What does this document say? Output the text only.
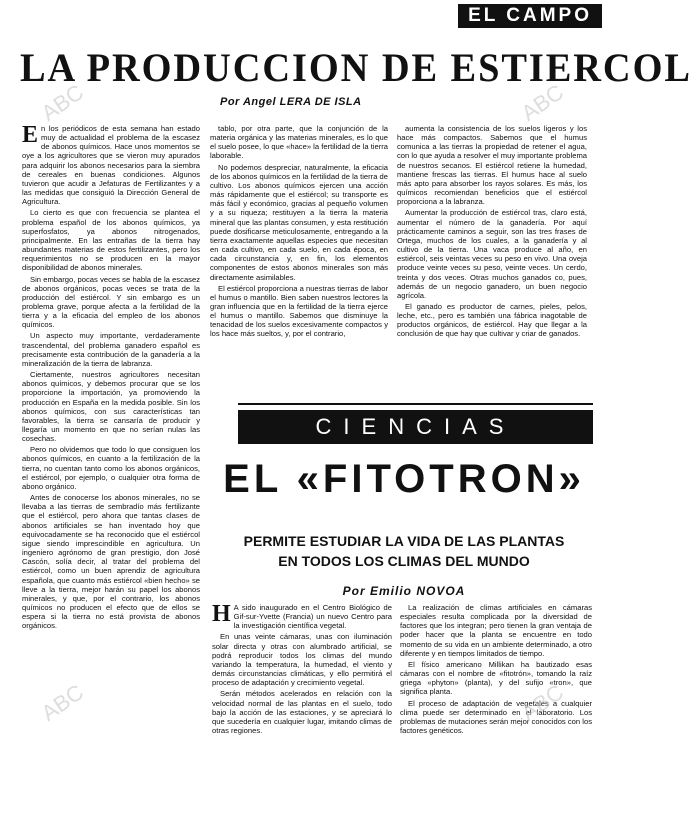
EL CAMPO
LA PRODUCCION DE ESTIERCOL
Por Angel LERA DE ISLA

En los periódicos de esta semana han estado muy de actualidad el problema de la escasez de abonos químicos. Hace unos momentos se oye a los agricultores que se vieron muy apurados para adquirir los abonos necesarios para la siembra de cereales en buenas condiciones. Algunos tuvieron que acudir a Jefaturas de Fertilizantes y a las medidas que consiguió la Dirección General de Agricultura.

Lo cierto es que con frecuencia se plantea el problema español de los abonos químicos, ya superfosfatos, ya abonos nitrogenados, principalmente. En las entrañas de la tierra hay abundantes materias de estos fertilizantes, pero los requerimientos no se producen en la mayor disponibilidad de abonos minerales.

Sin embargo, pocas veces se habla de la escasez de abonos orgánicos, pocas veces se trata de la producción del estiércol. Y sin embargo es un problema grave, porque afecta a la fertilidad de la tierra y a la eficacia del empleo de los abonos químicos.

Un aspecto muy importante, verdaderamente trascendental, del problema ganadero español es precisamente esta contribución de la ganadería a la mineralización de la tierra de labranza.

Ciertamente, nuestros agricultores necesitan abonos químicos, y debemos procurar que se los proporcione la importación, ya promoviendo la producción en España en la medida posible. Sin los abonos químicos, con sus características tan favorables, la tierra se cansaría de producir y llegaría un momento en que no serían nulas las cosechas.

Pero no olvidemos que todo lo que consiguen los abonos químicos, en cuanto a la fertilización de la tierra, no cuentan tanto como los abonos orgánicos, el estiércol, por ejemplo, o cualquier otra forma de abono orgánico.

Antes de conocerse los abonos minerales, no se llevaba a las tierras de sembradío más fertilizante que el estiércol, pero ahora que tantas clases de abonos artificiales se han inventado hoy que equivocadamente se ha reconocido que el estiércol sigue siendo imprescindible en agricultura. Un ingeniero agrónomo de gran prestigio, don José Cascón, solía decir, al tratar del problema del estiércol, como un buen aprendiz de agricultura española, que cuanto más estiércol «bien hecho» se lleve a la tierra, mejor harán su papel los abonos minerales, y que, por el contrario, los abonos químicos no producen el efecto que de ellos se espera si la tierra no está provista de abonos orgánicos.

tablo, por otra parte, que la conjunción de la materia orgánica y las materias minerales, es lo que el suelo posee, lo que «hace» la fertilidad de la tierra laborable.

No podemos despreciar, naturalmente, la eficacia de los abonos químicos en la fertilidad de la tierra de cultivo. Los abonos químicos ejercen una acción más rápidamente que el estiércol; su transporte es más fácil y económico, gracias al pequeño volumen y a su riqueza; restituyen a la tierra la materia mineral que las plantas consumen, y esta restitución puede dosificarse meticulosamente, entregando a la tierra exactamente aquellas especies que necesitan en cada cultivo, en cada suelo, en cada época, en cada circunstancia y, en fin, los elementos componentes de estos abonos minerales son más directamente asimilables.

El estiércol proporciona a nuestras tierras de labor el humus o mantillo. Bien saben nuestros lectores la gran influencia que en la fertilidad de la tierra ejerce el humus o mantillo. Sabemos que disminuye la tenacidad de los suelos excesivamente compactos y los hace más sueltos, y, por el contrario,

aumenta la consistencia de los suelos ligeros y los hace más compactos. Sabemos que el humus comunica a las tierras la propiedad de retener el agua, con lo que ayuda a resolver el muy importante problema de nuestros secanos. El estiércol retiene la humedad, mantiene frescas las tierras. El humus hace al suelo más apto para absorber los rayos solares. Es más, los químicos recomiendan beneficios que el estiércol proporciona a la labranza.

Aumentar la producción de estiércol tras, claro está, aumentar el número de la ganadería. Por aquí prácticamente caminos a seguir, son las tres frases de Ortega, muchos de los cuales, a la ganadería y al cultivo de la tierra. Una vaca produce al año, en estiércol, seis veintas veces su peso en vivo. Una oveja produce veinte veces su peso, veinte veces. Un cerdo, treinta y dos veces. Otras muchos ganados co, pues, además de un negocio ganadero, un buen negocio agrícola.

El ganado es productor de carnes, pieles, pelos, leche, etc., pero es también una fábrica inagotable de productos orgánicos, de estiércol. Hay que llegar a la conclusión de que hay que cultivar y criar de ganados.

CIENCIAS
EL «FITOTRON»
PERMITE ESTUDIAR LA VIDA DE LAS PLANTAS
EN TODOS LOS CLIMAS DEL MUNDO
Por Emilio NOVOA

H A sido inaugurado en el Centro Biológico de Gif-sur-Yvette (Francia) un nuevo Centro para la investigación científica vegetal.

En unas veinte cámaras, unas con iluminación solar directa y otras con alumbrado artificial, se podrá reproducir todos los climas del mundo variando la temperatura, la humedad, el viento y demás circunstancias climáticas, y ello permitirá el proceso de adaptación y crecimiento vegetal.

Serán métodos acelerados en relación con la velocidad normal de las plantas en el suelo, todo bajo la acción de las estaciones, y se apreciará lo que sucedería en cualquier lugar, imitando climas de otras regiones.

La realización de climas artificiales en cámaras especiales resulta complicada por la diversidad de factores que los integran; pero tienen la gran ventaja de poder hacer que la planta se encuentre en todo momento de su vida en un ambiente determinado, a otro diferente y en tiempos limitados de tiempo.

El físico americano Millikan ha bautizado esas cámaras con el nombre de «fitotrón», tomando la raíz griega «phyton» (planta), y del sufijo «tron», que significa planta.

El proceso de adaptación de vegetales a cualquier clima puede ser determinado en el laboratorio. Los problemas de mutaciones serán mejor conocidos con los factores genéticos.

ABC
ABC
ABC
ABC
